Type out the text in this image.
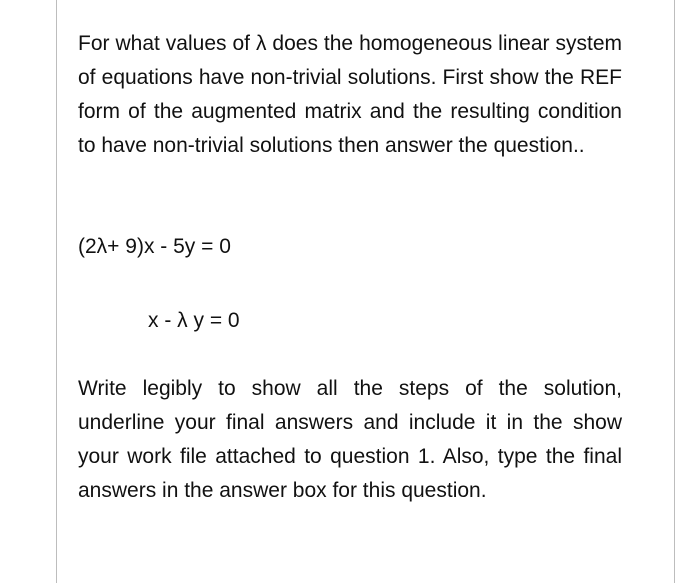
For what values of λ does the homogeneous linear system of equations have non-trivial solutions. First show the REF form of the augmented matrix and the resulting condition to have non-trivial solutions then answer the question..

(2λ+ 9)x - 5y = 0
x - λ y = 0

Write legibly to show all the steps of the solution, underline your final answers and include it in the show your work file attached to question 1. Also, type the final answers in the answer box for this question.
